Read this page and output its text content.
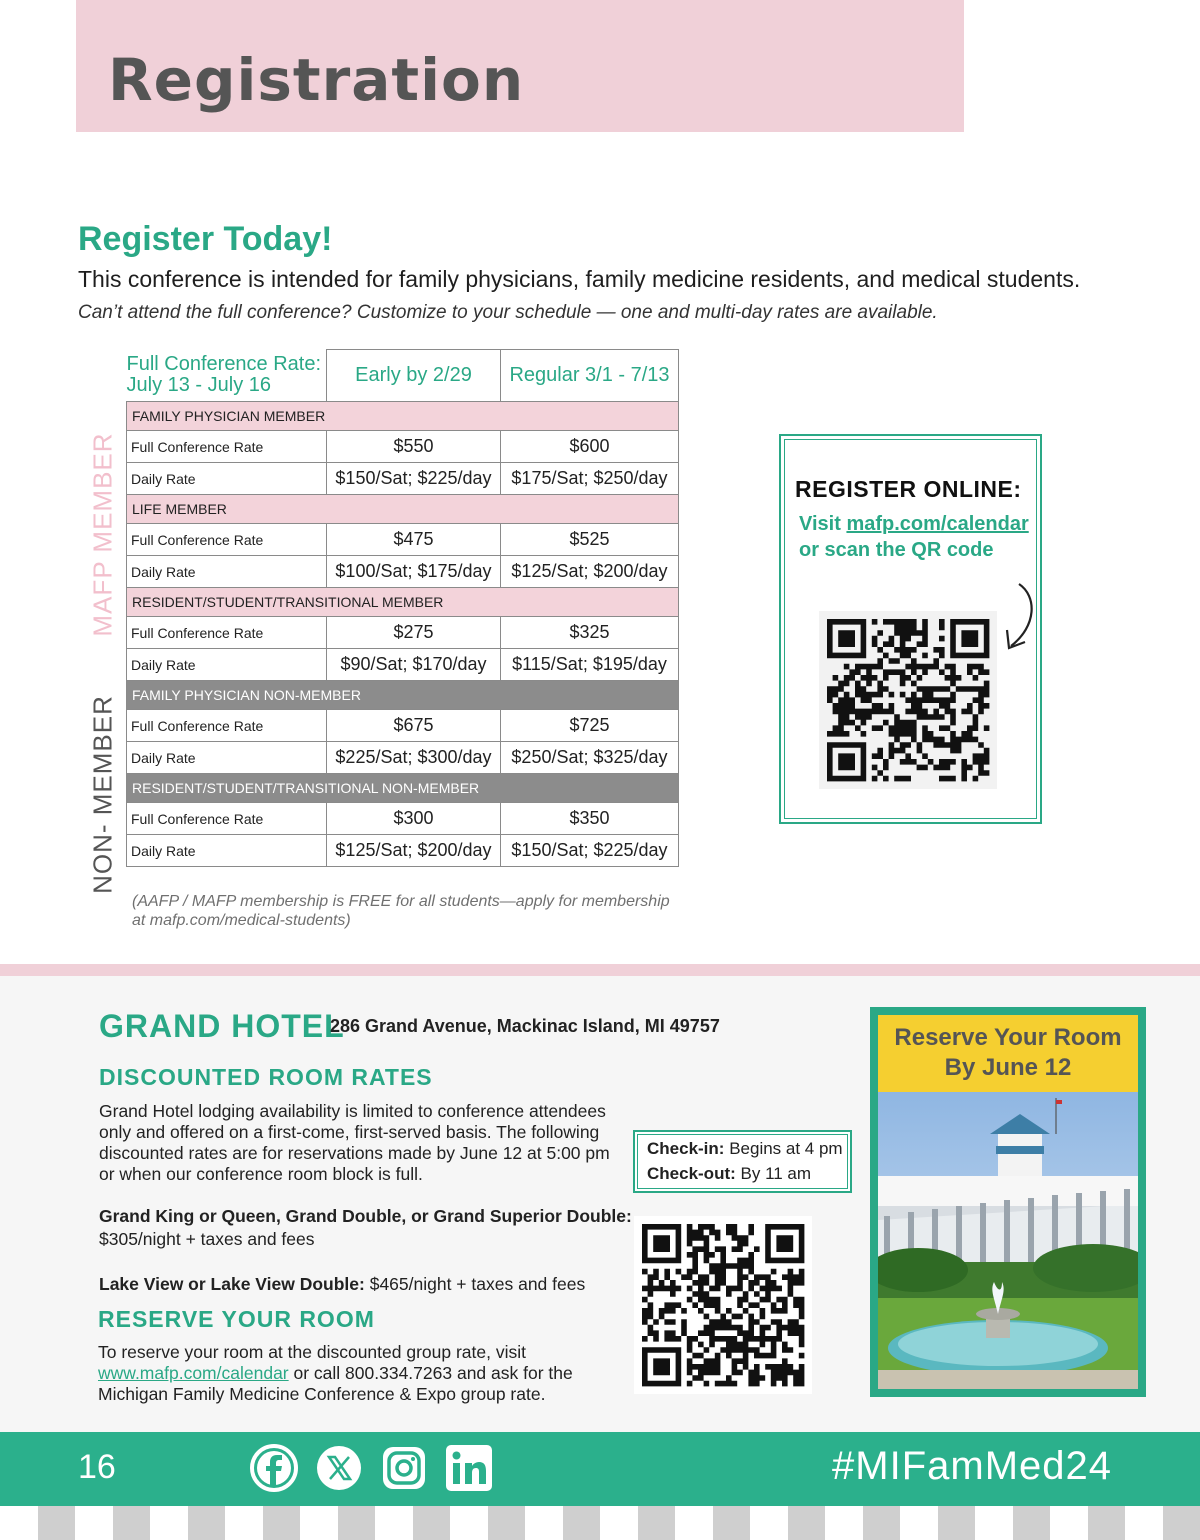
Registration
Register Today!

This conference is intended for family physicians, family medicine residents, and medical students.

Can’t attend the full conference? Customize to your schedule — one and multi-day rates are available.

MAFP MEMBER
NON- MEMBER
Full Conference Rate:
July 13 - July 16	Early by 2/29	Regular 3/1 - 7/13
FAMILY PHYSICIAN MEMBER		
Full Conference Rate	$550	$600
Daily Rate	$150/Sat; $225/day	$175/Sat; $250/day
LIFE MEMBER		
Full Conference Rate	$475	$525
Daily Rate	$100/Sat; $175/day	$125/Sat; $200/day
RESIDENT/STUDENT/TRANSITIONAL MEMBER		
Full Conference Rate	$275	$325
Daily Rate	$90/Sat; $170/day	$115/Sat; $195/day
FAMILY PHYSICIAN NON-MEMBER		
Full Conference Rate	$675	$725
Daily Rate	$225/Sat; $300/day	$250/Sat; $325/day
RESIDENT/STUDENT/TRANSITIONAL NON-MEMBER		
Full Conference Rate	$300	$350
Daily Rate	$125/Sat; $200/day	$150/Sat; $225/day
(AAFP / MAFP membership is FREE for all students—apply for membership
at mafp.com/medical-students)
REGISTER ONLINE:
Visit mafp.com/calendar
or scan the QR code
GRAND HOTEL
286 Grand Avenue, Mackinac Island, MI 49757
DISCOUNTED ROOM RATES

Grand Hotel lodging availability is limited to conference attendees only and offered on a first-come, first-served basis. The following discounted rates are for reservations made by June 12 at 5:00 pm or when our conference room block is full.

Grand King or Queen, Grand Double, or Grand Superior Double:
$305/night + taxes and fees
Lake View or Lake View Double: $465/night + taxes and fees
RESERVE YOUR ROOM

To reserve your room at the discounted group rate, visit www.mafp.com/calendar or call 800.334.7263 and ask for the Michigan Family Medicine Conference & Expo group rate.

Check-in: Begins at 4 pm
Check-out: By 11 am
Reserve Your Room
By June 12
16	#MIFamMed24
